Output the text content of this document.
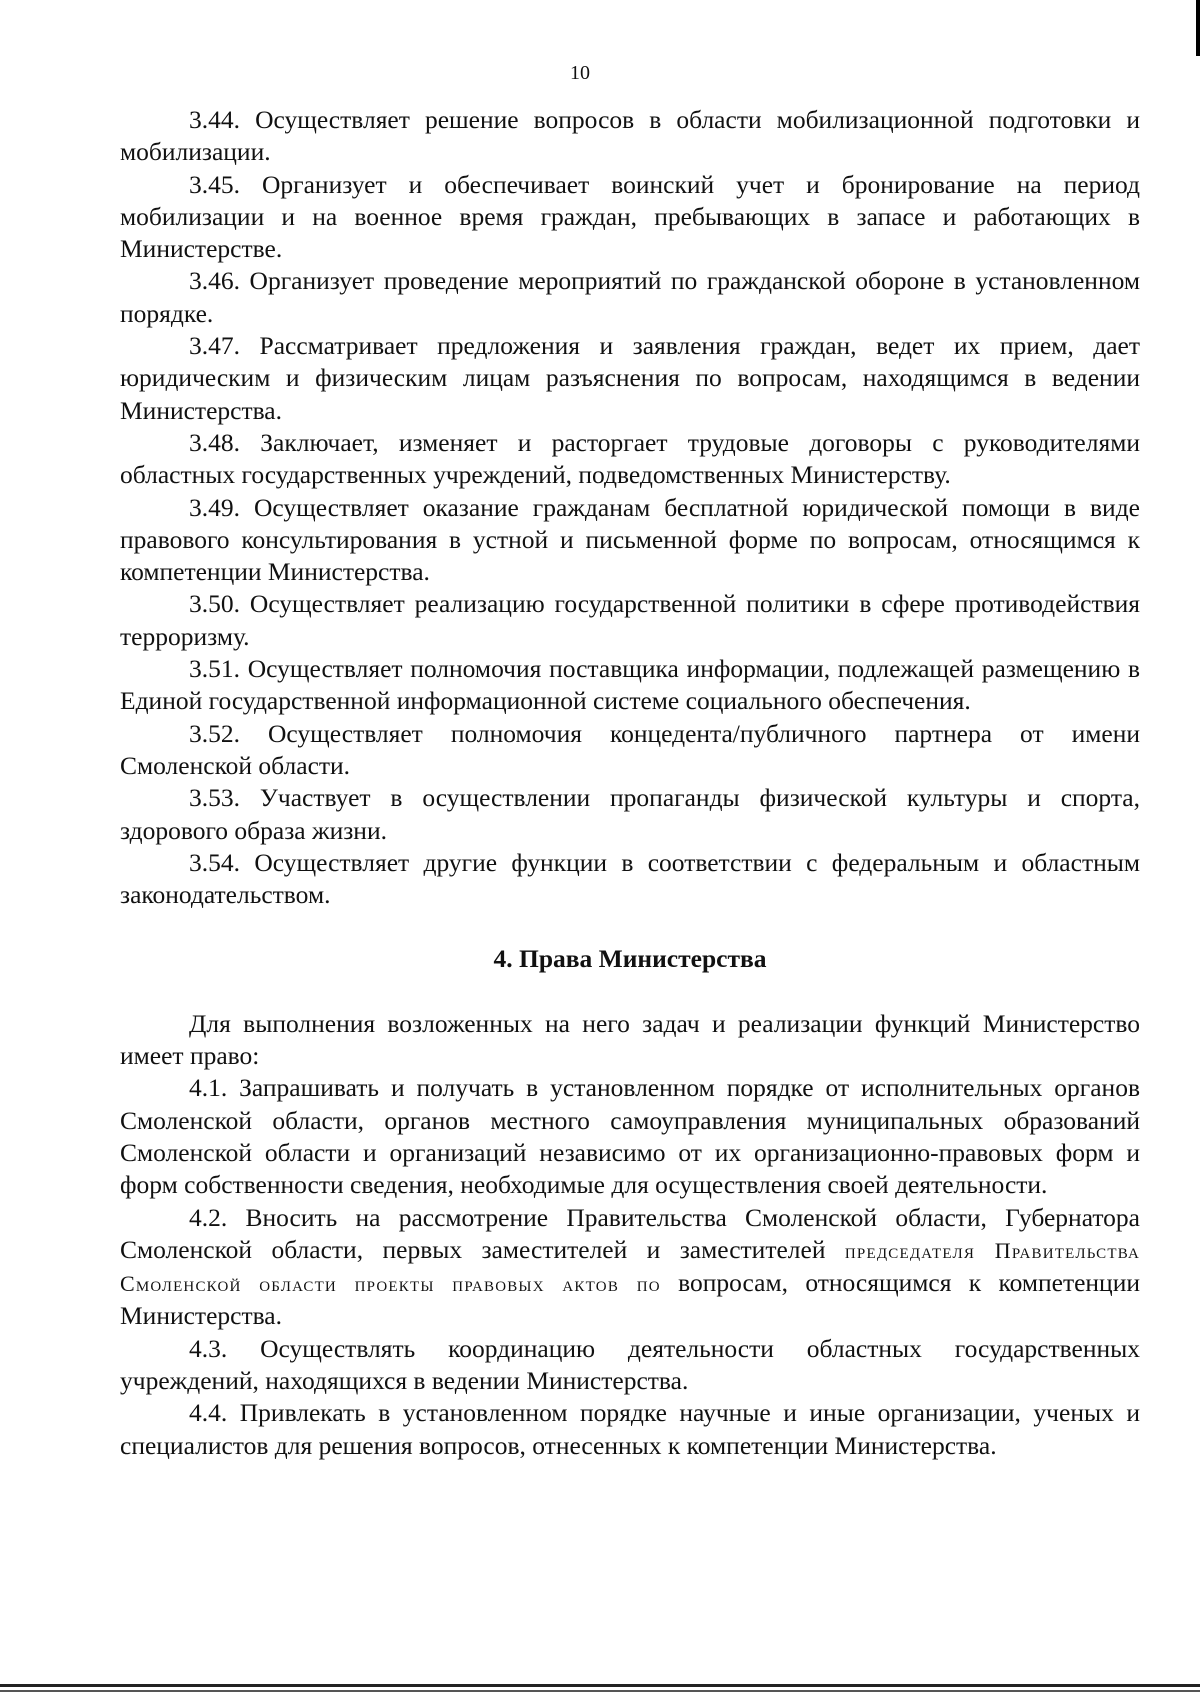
10

3.44. Осуществляет решение вопросов в области мобилизационной подготовки и мобилизации.

3.45. Организует и обеспечивает воинский учет и бронирование на период мобилизации и на военное время граждан, пребывающих в запасе и работающих в Министерстве.

3.46. Организует проведение мероприятий по гражданской обороне в установленном порядке.

3.47. Рассматривает предложения и заявления граждан, ведет их прием, дает юридическим и физическим лицам разъяснения по вопросам, находящимся в ведении Министерства.

3.48. Заключает, изменяет и расторгает трудовые договоры с руководителями областных государственных учреждений, подведомственных Министерству.

3.49. Осуществляет оказание гражданам бесплатной юридической помощи в виде правового консультирования в устной и письменной форме по вопросам, относящимся к компетенции Министерства.

3.50. Осуществляет реализацию государственной политики в сфере противодействия терроризму.

3.51. Осуществляет полномочия поставщика информации, подлежащей размещению в Единой государственной информационной системе социального обеспечения.

3.52. Осуществляет полномочия концедента/публичного партнера от имени Смоленской области.

3.53. Участвует в осуществлении пропаганды физической культуры и спорта, здорового образа жизни.

3.54. Осуществляет другие функции в соответствии с федеральным и областным законодательством.

4. Права Министерства

Для выполнения возложенных на него задач и реализации функций Министерство имеет право:

4.1. Запрашивать и получать в установленном порядке от исполнительных органов Смоленской области, органов местного самоуправления муниципальных образований Смоленской области и организаций независимо от их организационно-правовых форм и форм собственности сведения, необходимые для осуществления своей деятельности.

4.2. Вносить на рассмотрение Правительства Смоленской области, Губернатора Смоленской области, первых заместителей и заместителей председателя Правительства Смоленской области проекты правовых актов по вопросам, относящимся к компетенции Министерства.

4.3. Осуществлять координацию деятельности областных государственных учреждений, находящихся в ведении Министерства.

4.4. Привлекать в установленном порядке научные и иные организации, ученых и специалистов для решения вопросов, отнесенных к компетенции Министерства.
